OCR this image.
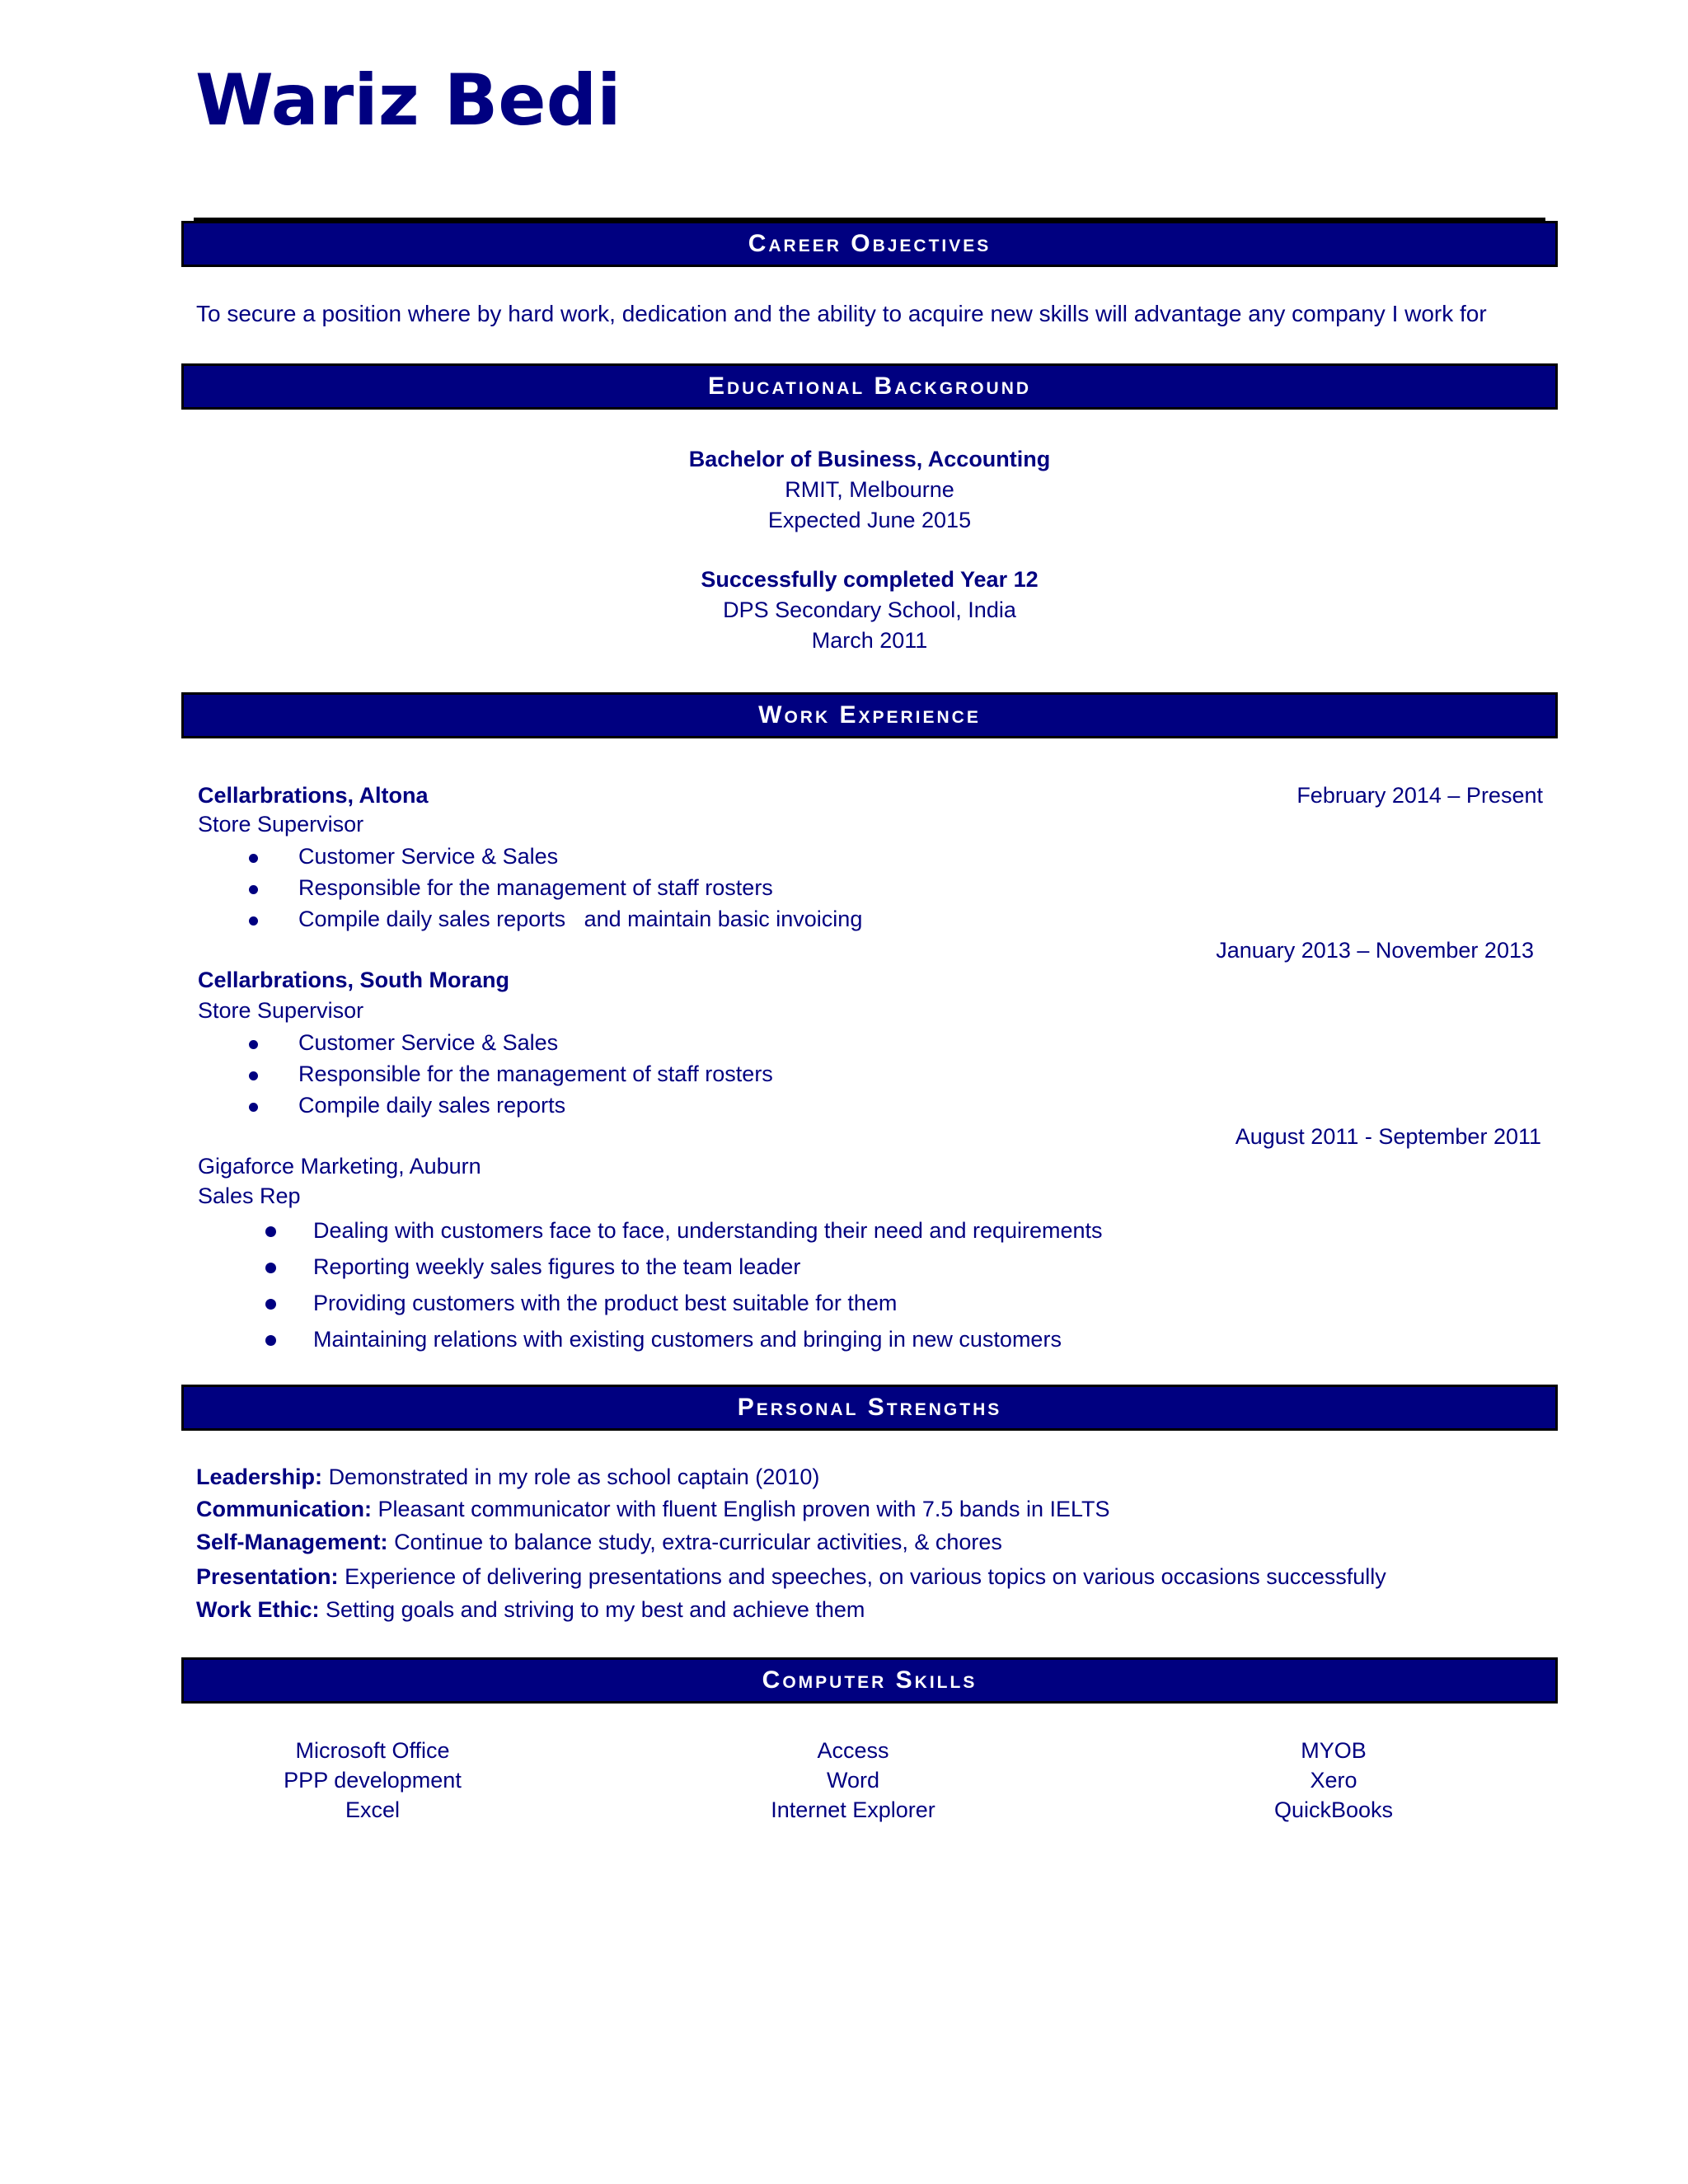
Wariz Bedi
Career Objectives
To secure a position where by hard work, dedication and the ability to acquire new skills will advantage any company I work for
Educational Background
Bachelor of Business, Accounting
RMIT, Melbourne
Expected June 2015
Successfully completed Year 12
DPS Secondary School, India
March 2011
Work Experience
Cellarbrations, Altona	February 2014 – Present
Store Supervisor
Customer Service & Sales
Responsible for the management of staff rosters
Compile daily sales reports   and maintain basic invoicing
January 2013 – November 2013
Cellarbrations, South Morang
Store Supervisor
Customer Service & Sales
Responsible for the management of staff rosters
Compile daily sales reports
August 2011 - September 2011
Gigaforce Marketing, Auburn
Sales Rep
Dealing with customers face to face, understanding their need and requirements
Reporting weekly sales figures to the team leader
Providing customers with the product best suitable for them
Maintaining relations with existing customers and bringing in new customers
Personal Strengths
Leadership: Demonstrated in my role as school captain (2010)
Communication: Pleasant communicator with fluent English proven with 7.5 bands in IELTS
Self-Management: Continue to balance study, extra-curricular activities, & chores
Presentation: Experience of delivering presentations and speeches, on various topics on various occasions successfully
Work Ethic: Setting goals and striving to my best and achieve them
Computer Skills
Microsoft Office
PPP development
Excel
Access
Word
Internet Explorer
MYOB
Xero
QuickBooks
